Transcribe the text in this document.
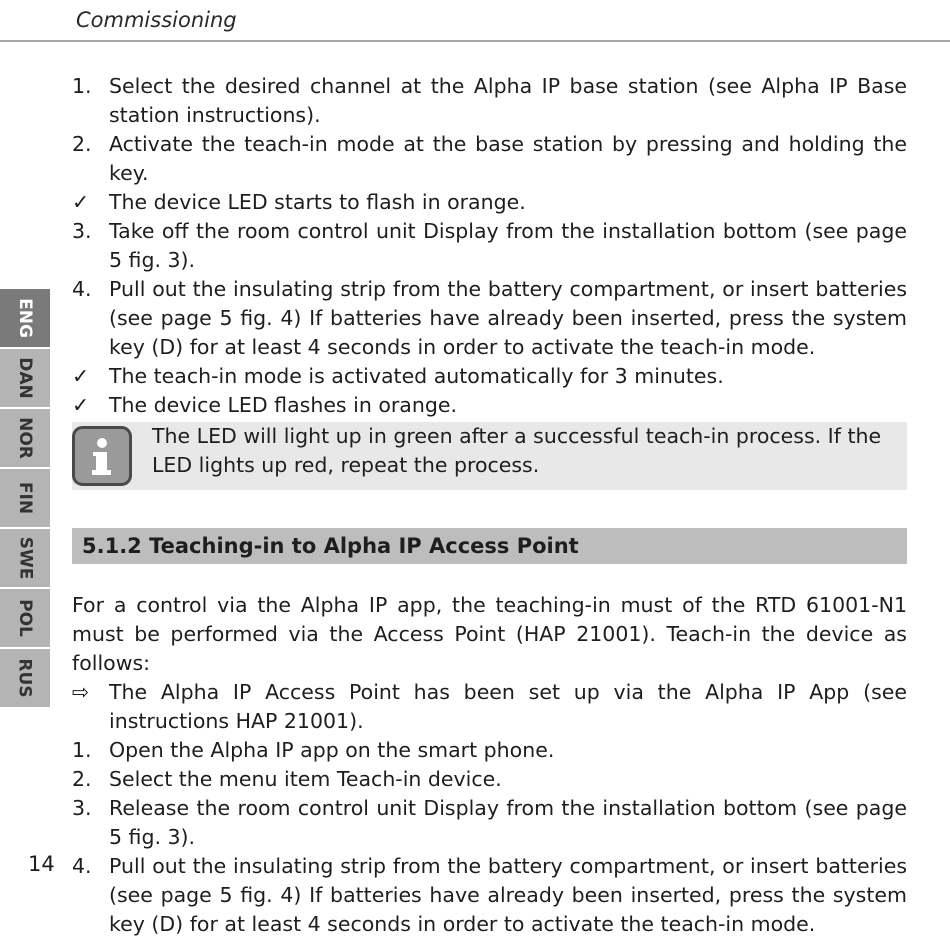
Commissioning
1. Select the desired channel at the Alpha IP base station (see Alpha IP Base station instructions).
2. Activate the teach-in mode at the base station by pressing and holding the key.
✓ The device LED starts to flash in orange.
3. Take off the room control unit Display from the installation bottom (see page 5 fig. 3).
4. Pull out the insulating strip from the battery compartment, or insert batteries (see page 5 fig. 4) If batteries have already been inserted, press the system key (D) for at least 4 seconds in order to activate the teach-in mode.
✓ The teach-in mode is activated automatically for 3 minutes.
✓ The device LED flashes in orange.
The LED will light up in green after a successful teach-in process. If the LED lights up red, repeat the process.
5.1.2 Teaching-in to Alpha IP Access Point
For a control via the Alpha IP app, the teaching-in must of the RTD 61001-N1 must be performed via the Access Point (HAP 21001). Teach-in the device as follows:
⇨ The Alpha IP Access Point has been set up via the Alpha IP App (see instructions HAP 21001).
1. Open the Alpha IP app on the smart phone.
2. Select the menu item Teach-in device.
3. Release the room control unit Display from the installation bottom (see page 5 fig. 3).
4. Pull out the insulating strip from the battery compartment, or insert batteries (see page 5 fig. 4) If batteries have already been inserted, press the system key (D) for at least 4 seconds in order to activate the teach-in mode.
ENG
DAN
NOR
FIN
SWE
POL
RUS
14
